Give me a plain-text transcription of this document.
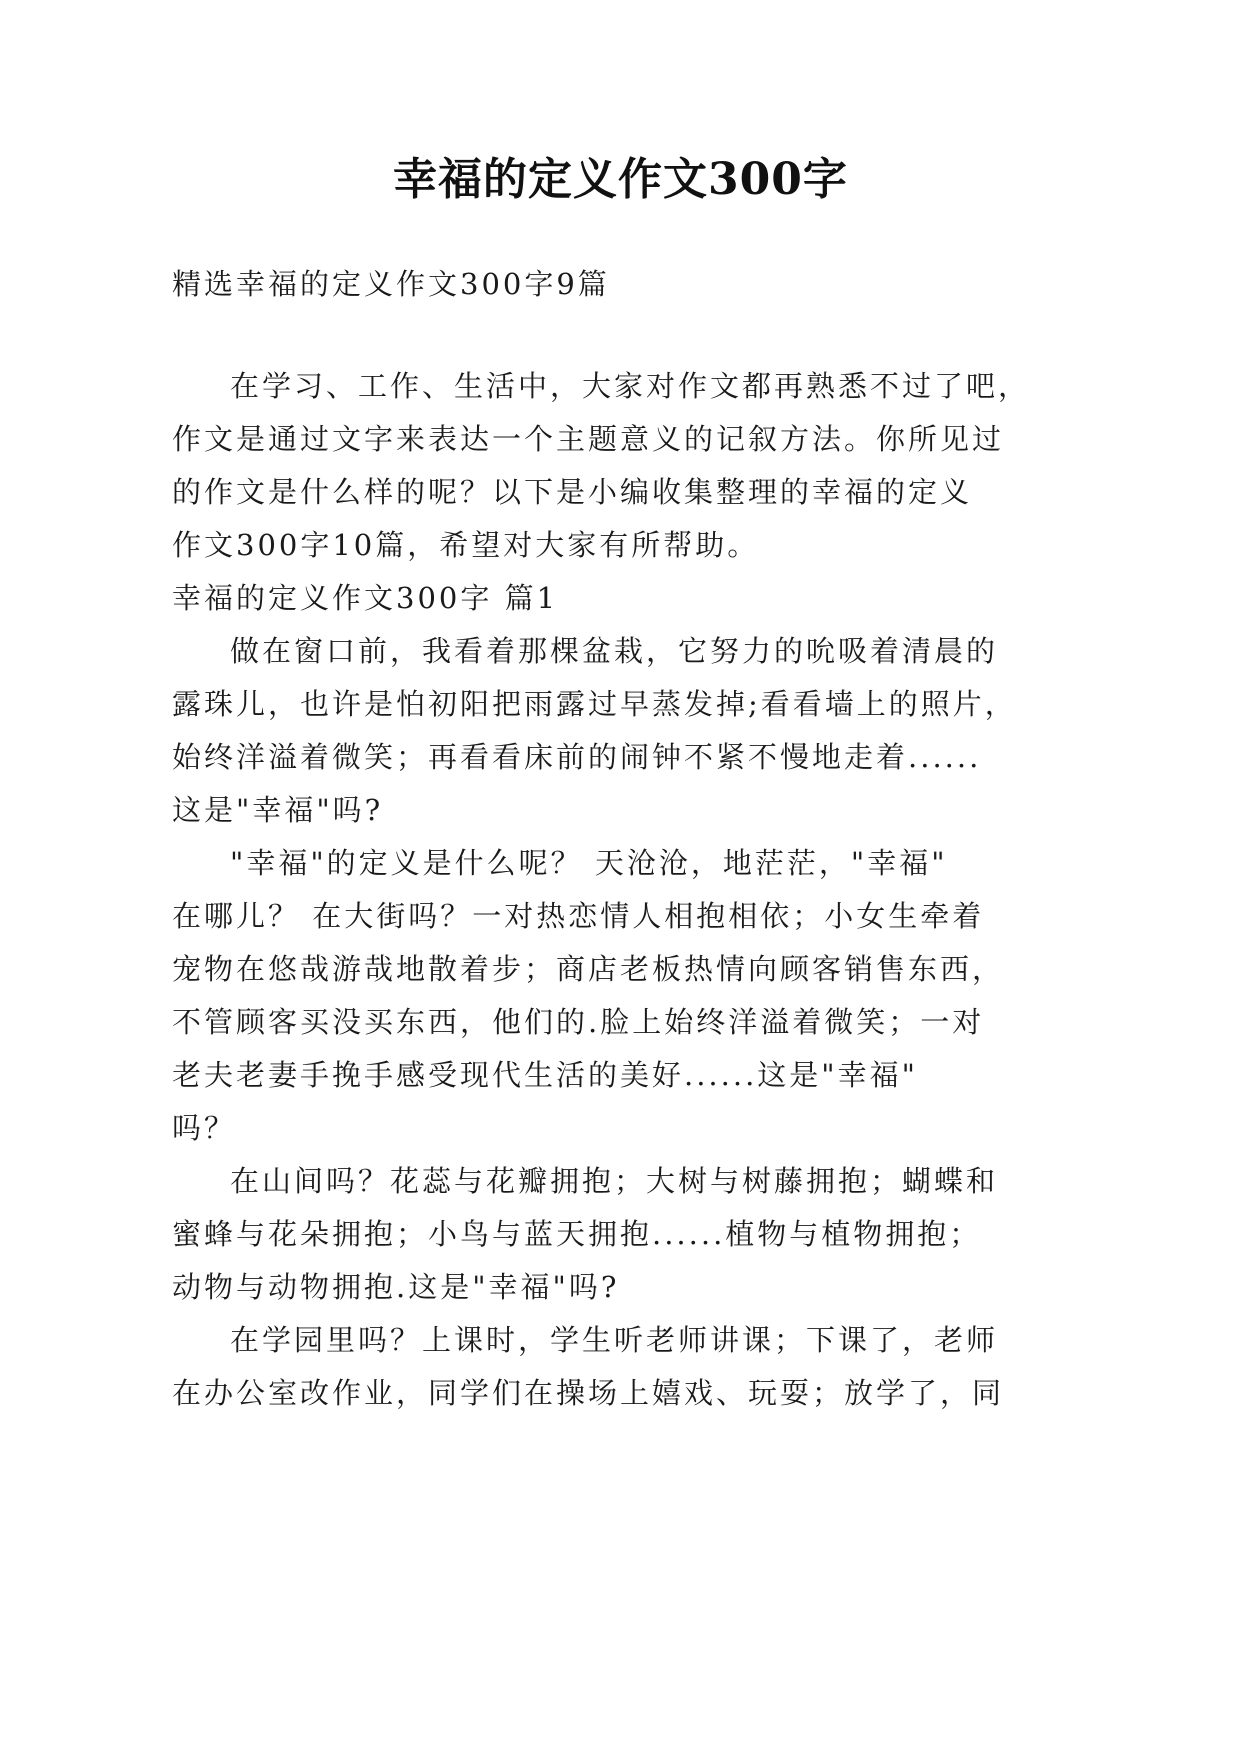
幸福的定义作文300字
精选幸福的定义作文300字9篇
在学习、工作、生活中，大家对作文都再熟悉不过了吧，
作文是通过文字来表达一个主题意义的记叙方法。你所见过
的作文是什么样的呢？以下是小编收集整理的幸福的定义
作文300字10篇，希望对大家有所帮助。
幸福的定义作文300字 篇1
做在窗口前，我看着那棵盆栽，它努力的吮吸着清晨的
露珠儿，也许是怕初阳把雨露过早蒸发掉;看看墙上的照片，
始终洋溢着微笑；再看看床前的闹钟不紧不慢地走着......
这是"幸福"吗?
"幸福"的定义是什么呢？ 天沧沧，地茫茫，"幸福"
在哪儿？ 在大街吗？一对热恋情人相抱相依；小女生牵着
宠物在悠哉游哉地散着步；商店老板热情向顾客销售东西，
不管顾客买没买东西，他们的.脸上始终洋溢着微笑；一对
老夫老妻手挽手感受现代生活的美好......这是"幸福"
吗？
在山间吗？花蕊与花瓣拥抱；大树与树藤拥抱；蝴蝶和
蜜蜂与花朵拥抱；小鸟与蓝天拥抱......植物与植物拥抱；
动物与动物拥抱.这是"幸福"吗?
在学园里吗？上课时，学生听老师讲课；下课了，老师
在办公室改作业，同学们在操场上嬉戏、玩耍；放学了，同
